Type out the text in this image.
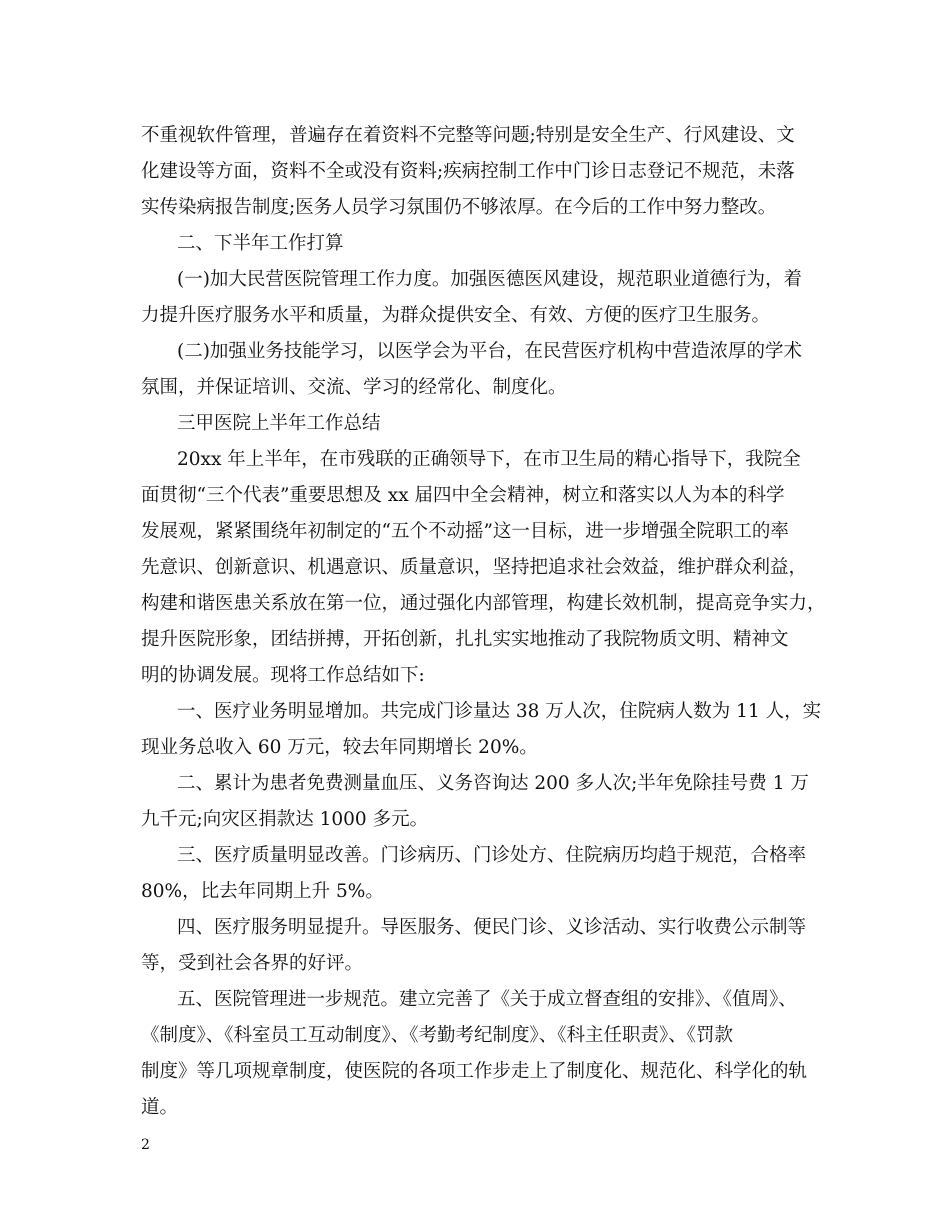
不重视软件管理，普遍存在着资料不完整等问题;特别是安全生产、行风建设、文
化建设等方面，资料不全或没有资料;疾病控制工作中门诊日志登记不规范，未落
实传染病报告制度;医务人员学习氛围仍不够浓厚。在今后的工作中努力整改。
二、下半年工作打算
(一)加大民营医院管理工作力度。加强医德医风建设，规范职业道德行为，着
力提升医疗服务水平和质量，为群众提供安全、有效、方便的医疗卫生服务。
(二)加强业务技能学习，以医学会为平台，在民营医疗机构中营造浓厚的学术
氛围，并保证培训、交流、学习的经常化、制度化。
三甲医院上半年工作总结
20xx 年上半年，在市残联的正确领导下，在市卫生局的精心指导下，我院全
面贯彻“三个代表”重要思想及 xx 届四中全会精神，树立和落实以人为本的科学
发展观，紧紧围绕年初制定的“五个不动摇”这一目标，进一步增强全院职工的率
先意识、创新意识、机遇意识、质量意识，坚持把追求社会效益，维护群众利益，
构建和谐医患关系放在第一位，通过强化内部管理，构建长效机制，提高竞争实力，
提升医院形象，团结拼搏，开拓创新，扎扎实实地推动了我院物质文明、精神文
明的协调发展。现将工作总结如下:
一、医疗业务明显增加。共完成门诊量达 38 万人次，住院病人数为 11 人，实
现业务总收入 60 万元，较去年同期增长 20%。
二、累计为患者免费测量血压、义务咨询达 200 多人次;半年免除挂号费 1 万
九千元;向灾区捐款达 1000 多元。
三、医疗质量明显改善。门诊病历、门诊处方、住院病历均趋于规范，合格率
80%，比去年同期上升 5%。
四、医疗服务明显提升。导医服务、便民门诊、义诊活动、实行收费公示制等
等，受到社会各界的好评。
五、医院管理进一步规范。建立完善了《关于成立督查组的安排》、《值周》、
《制度》、《科室员工互动制度》、《考勤考纪制度》、《科主任职责》、《罚款
制度》等几项规章制度，使医院的各项工作步走上了制度化、规范化、科学化的轨
道。
2
